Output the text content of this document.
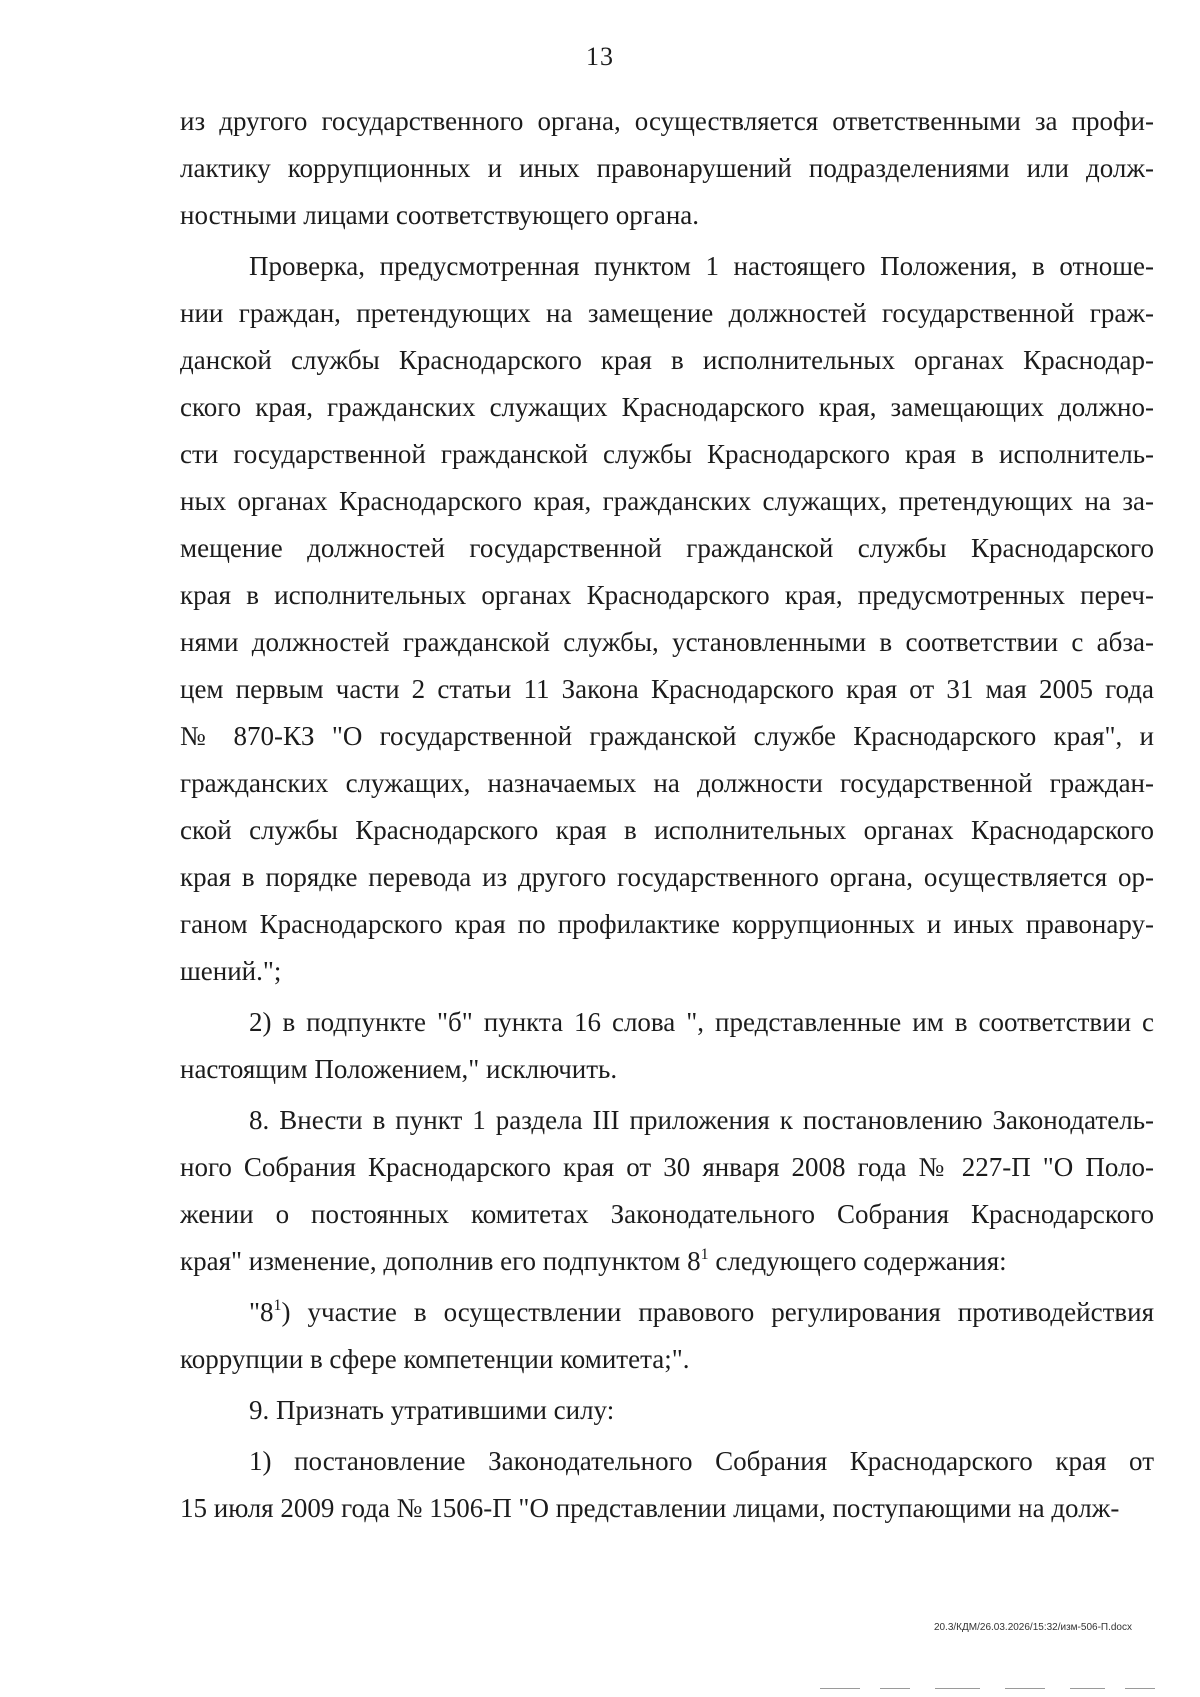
13
из другого государственного органа, осуществляется ответственными за профи-
лактику коррупционных и иных правонарушений подразделениями или долж-
ностными лицами соответствующего органа.
Проверка, предусмотренная пунктом 1 настоящего Положения, в отноше-
нии граждан, претендующих на замещение должностей государственной граж-
данской службы Краснодарского края в исполнительных органах Краснодар-
ского края, гражданских служащих Краснодарского края, замещающих должно-
сти государственной гражданской службы Краснодарского края в исполнитель-
ных органах Краснодарского края, гражданских служащих, претендующих на за-
мещение должностей государственной гражданской службы Краснодарского
края в исполнительных органах Краснодарского края, предусмотренных переч-
нями должностей гражданской службы, установленными в соответствии с абза-
цем первым части 2 статьи 11 Закона Краснодарского края от 31 мая 2005 года
№ 870-КЗ "О государственной гражданской службе Краснодарского края", и
гражданских служащих, назначаемых на должности государственной граждан-
ской службы Краснодарского края в исполнительных органах Краснодарского
края в порядке перевода из другого государственного органа, осуществляется ор-
ганом Краснодарского края по профилактике коррупционных и иных правонару-
шений.";
2) в подпункте "б" пункта 16 слова ", представленные им в соответствии с
настоящим Положением," исключить.
8. Внести в пункт 1 раздела III приложения к постановлению Законодатель-
ного Собрания Краснодарского края от 30 января 2008 года № 227-П "О Поло-
жении о постоянных комитетах Законодательного Собрания Краснодарского
края" изменение, дополнив его подпунктом $8^1$ следующего содержания:
"$8^1$) участие в осуществлении правового регулирования противодействия
коррупции в сфере компетенции комитета;".
9. Признать утратившими силу:
1) постановление Законодательного Собрания Краснодарского края от
15 июля 2009 года № 1506-П "О представлении лицами, поступающими на долж-
20.3/КДМ/26.03.2026/15:32/изм-506-П.docx
